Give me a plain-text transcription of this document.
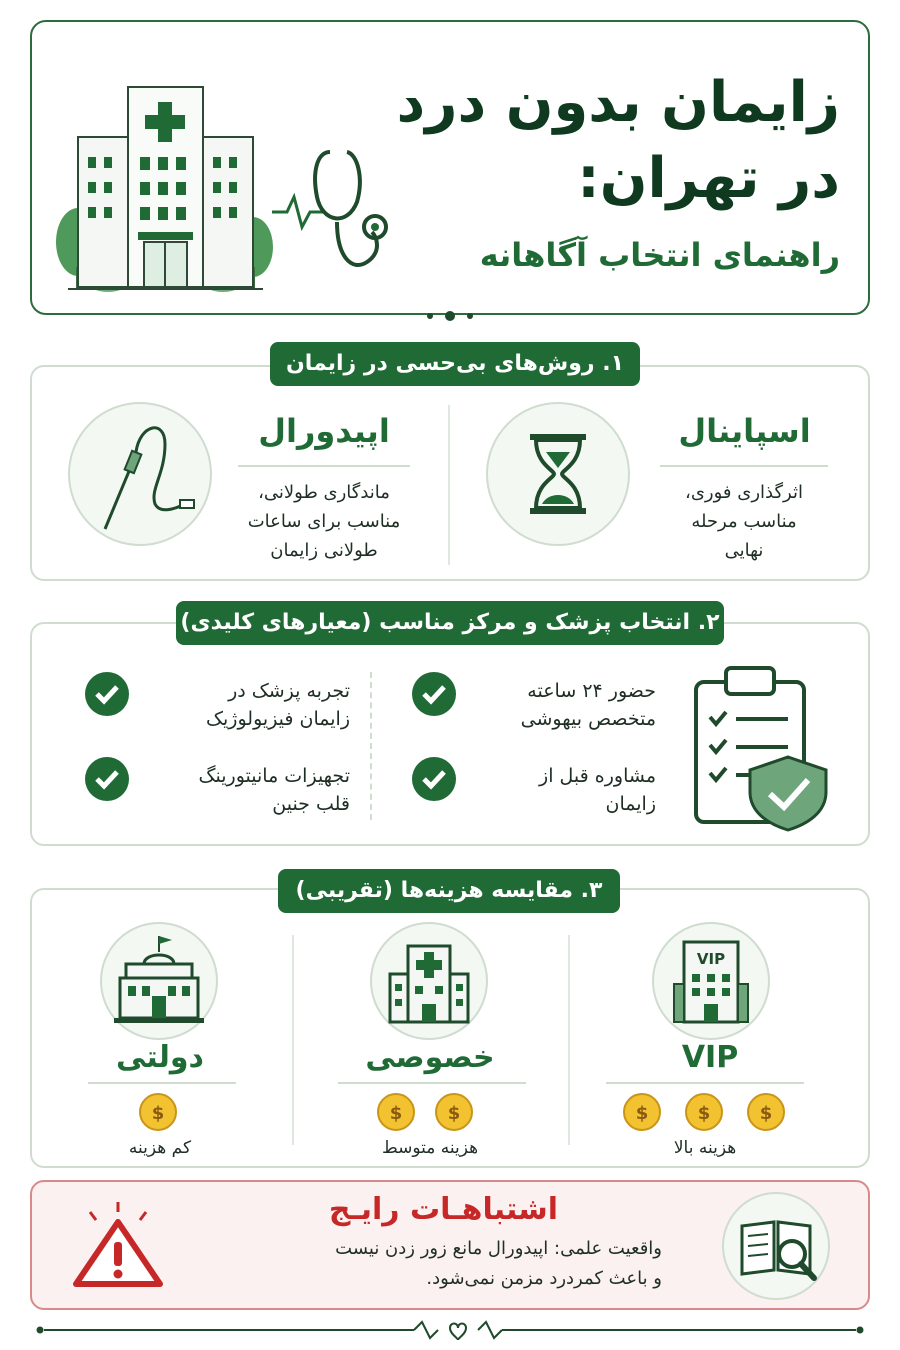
زایمان بدون درد
در تهران:
راهنمای انتخاب آگاهانه
۱. روش‌های بی‌حسی در زایمان
اسپاینال
اثرگذاری فوری،
مناسب مرحله
نهایی
اپیدورال
ماندگاری طولانی،
مناسب برای ساعات
طولانی زایمان
۲. انتخاب پزشک و مرکز مناسب (معیارهای کلیدی)
حضور ۲۴ ساعته
متخصص بیهوشی
مشاوره قبل از
زایمان
تجربه پزشک در
زایمان فیزیولوژیک
تجهیزات مانیتورینگ
قلب جنین
۳. مقایسه هزینه‌ها (تقریبی)
VIP
VIP
$	$	$
هزینه بالا
خصوصی
$	$
هزینه متوسط
دولتی
$
کم هزینه
اشتباهـات رایـج
واقعیت علمی: اپیدورال مانع زور زدن نیست
و باعث کمردرد مزمن نمی‌شود.
